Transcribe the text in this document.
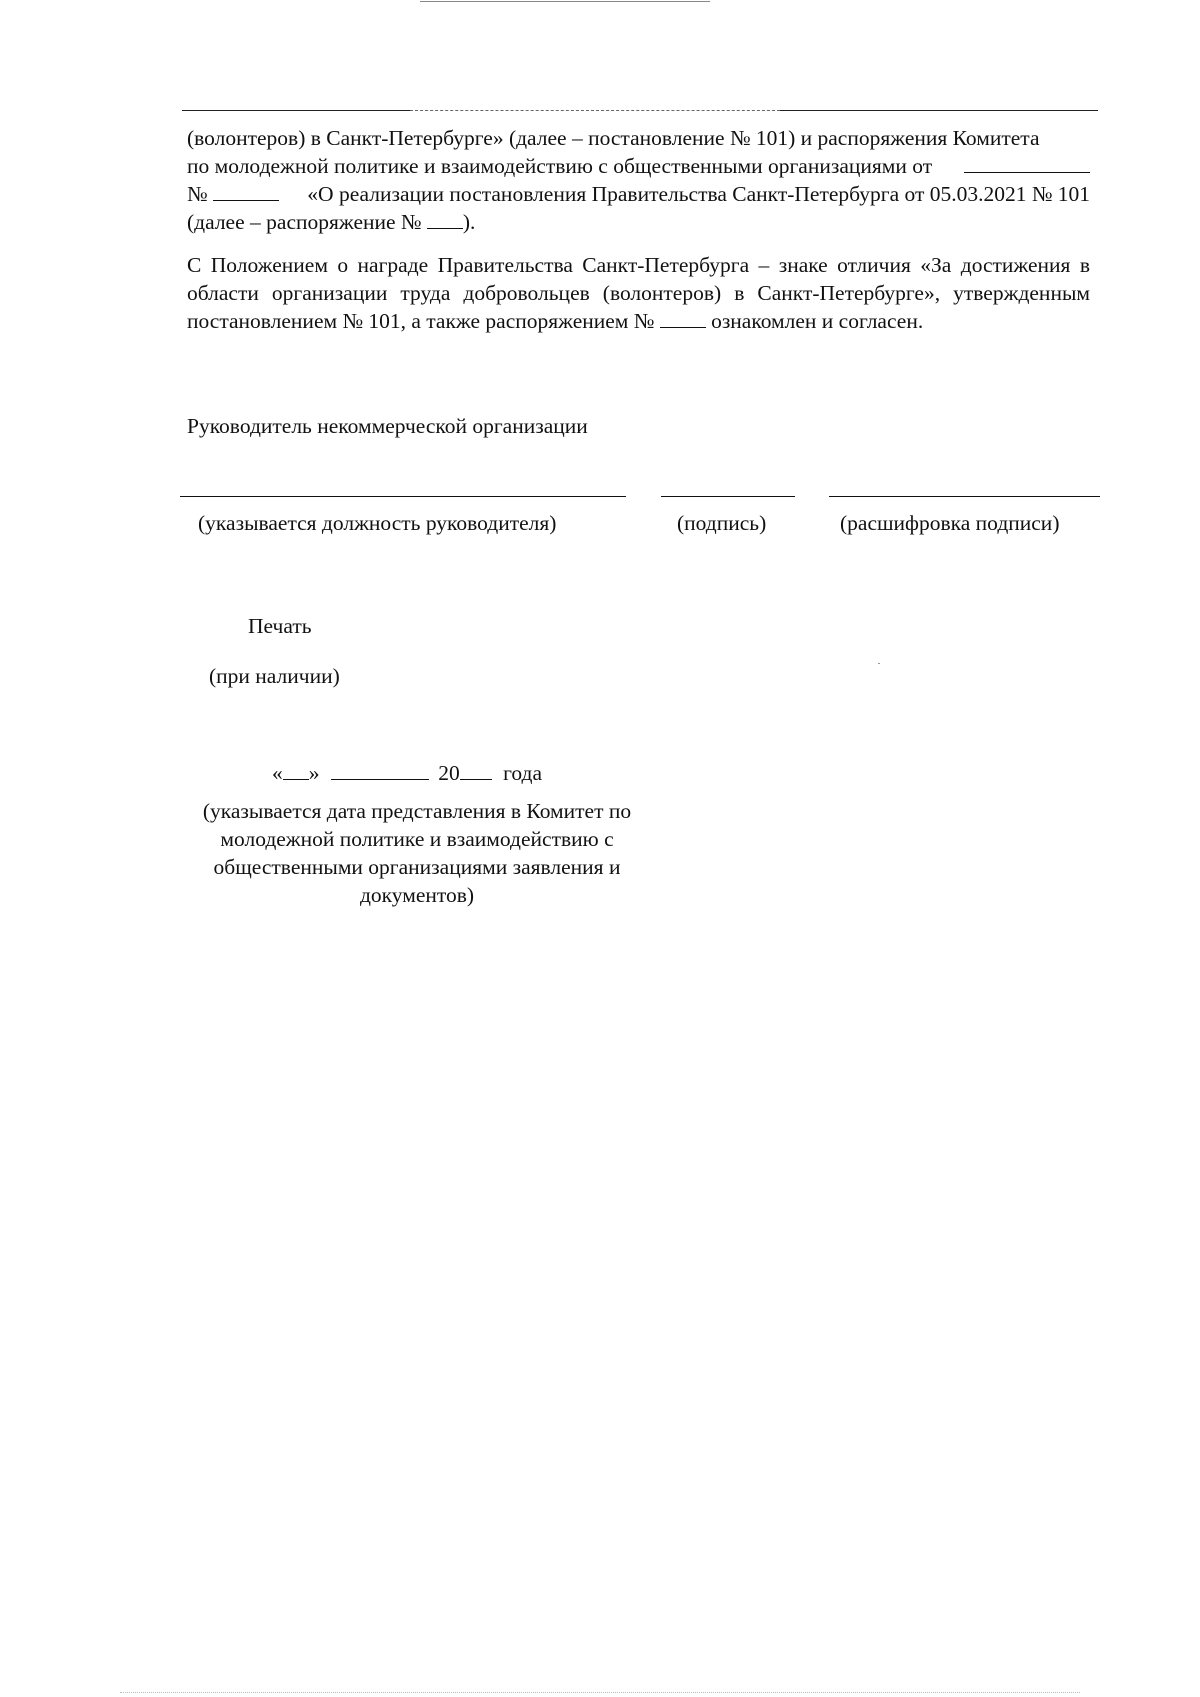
(волонтеров) в Санкт-Петербурге» (далее – постановление № 101) и распоряжения Комитета
по молодежной политике и взаимодействию с общественными организациями от
№	«О реализации постановления Правительства Санкт-Петербурга от 05.03.2021 № 101
(далее – распоряжение № ).
С Положением о награде Правительства Санкт-Петербурга – знаке отличия «За достижения в области организации труда добровольцев (волонтеров) в Санкт-Петербурге», утвержденным постановлением № 101, а также распоряжением №	ознакомлен и согласен.
Руководитель некоммерческой организации
(указывается должность руководителя)	(подпись)	(расшифровка подписи)
Печать
(при наличии)
« »	20 года
(указывается дата представления в Комитет по молодежной политике и взаимодействию с общественными организациями заявления и документов)
